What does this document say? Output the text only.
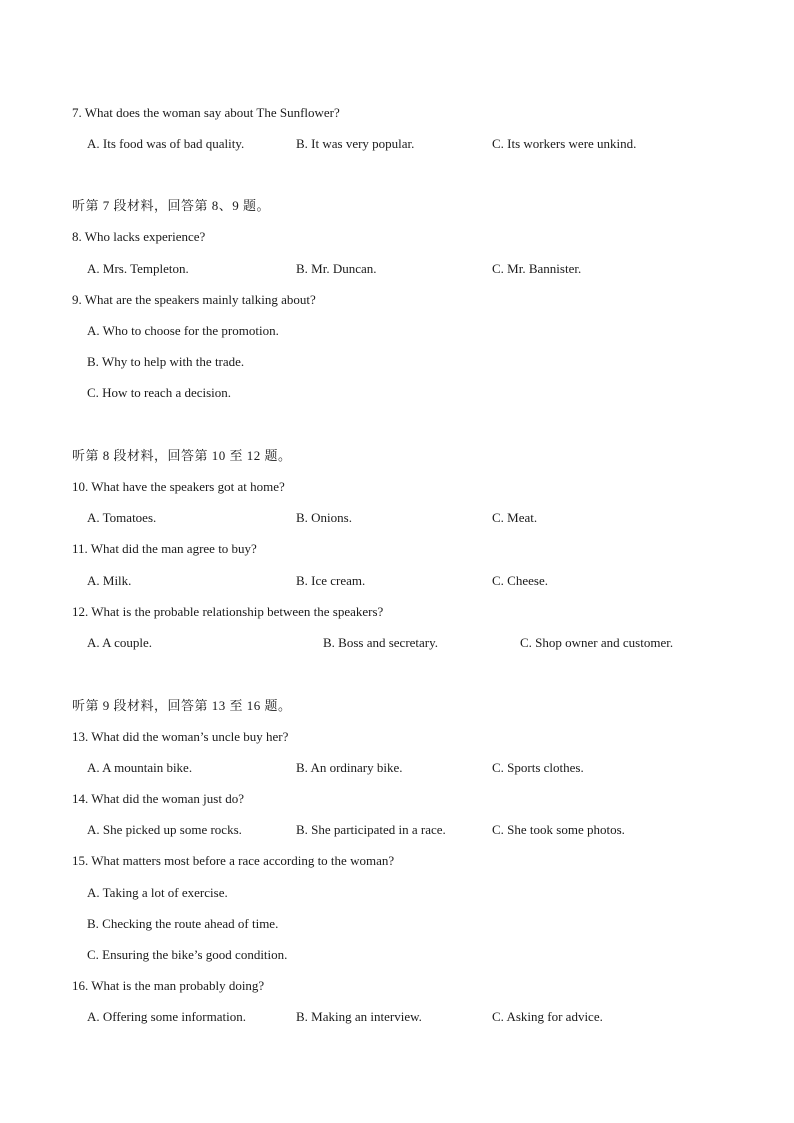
7. What does the woman say about The Sunflower?
A. Its food was of bad quality.	B. It was very popular.	C. Its workers were unkind.
听第 7 段材料，回答第 8、9 题。
8. Who lacks experience?
A. Mrs. Templeton.	B. Mr. Duncan.	C. Mr. Bannister.
9. What are the speakers mainly talking about?
A. Who to choose for the promotion.
B. Why to help with the trade.
C. How to reach a decision.
听第 8 段材料，回答第 10 至 12 题。
10. What have the speakers got at home?
A. Tomatoes.	B. Onions.	C. Meat.
11. What did the man agree to buy?
A. Milk.	B. Ice cream.	C. Cheese.
12. What is the probable relationship between the speakers?
A. A couple.	B. Boss and secretary.	C. Shop owner and customer.
听第 9 段材料，回答第 13 至 16 题。
13. What did the woman’s uncle buy her?
A. A mountain bike.	B. An ordinary bike.	C. Sports clothes.
14. What did the woman just do?
A. She picked up some rocks.	B. She participated in a race.	C. She took some photos.
15. What matters most before a race according to the woman?
A. Taking a lot of exercise.
B. Checking the route ahead of time.
C. Ensuring the bike’s good condition.
16. What is the man probably doing?
A. Offering some information.	B. Making an interview.	C. Asking for advice.
